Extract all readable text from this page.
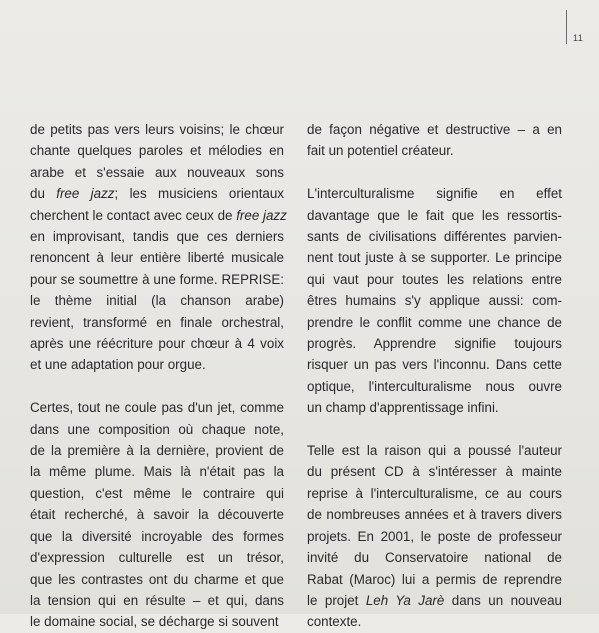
11
de petits pas vers leurs voisins; le chœur
chante quelques paroles et mélodies en
arabe et s'essaie aux nouveaux sons
du free jazz; les musiciens orientaux
cherchent le contact avec ceux de free jazz
en improvisant, tandis que ces derniers
renoncent à leur entière liberté musicale
pour se soumettre à une forme. REPRISE:
le thème initial (la chanson arabe)
revient, transformé en finale orchestral,
après une réécriture pour chœur à 4 voix
et une adaptation pour orgue.
Certes, tout ne coule pas d'un jet, comme
dans une composition où chaque note,
de la première à la dernière, provient de
la même plume. Mais là n'était pas la
question, c'est même le contraire qui
était recherché, à savoir la découverte
que la diversité incroyable des formes
d'expression culturelle est un trésor,
que les contrastes ont du charme et que
la tension qui en résulte – et qui, dans
le domaine social, se décharge si souvent
de façon négative et destructive – a en
fait un potentiel créateur.
L'interculturalisme signifie en effet
davantage que le fait que les ressortis-
sants de civilisations différentes parvien-
nent tout juste à se supporter. Le principe
qui vaut pour toutes les relations entre
êtres humains s'y applique aussi: com-
prendre le conflit comme une chance de
progrès. Apprendre signifie toujours
risquer un pas vers l'inconnu. Dans cette
optique, l'interculturalisme nous ouvre
un champ d'apprentissage infini.
Telle est la raison qui a poussé l'auteur
du présent CD à s'intéresser à mainte
reprise à l'interculturalisme, ce au cours
de nombreuses années et à travers divers
projets. En 2001, le poste de professeur
invité du Conservatoire national de
Rabat (Maroc) lui a permis de reprendre
le projet Leh Ya Jarè dans un nouveau
contexte.
